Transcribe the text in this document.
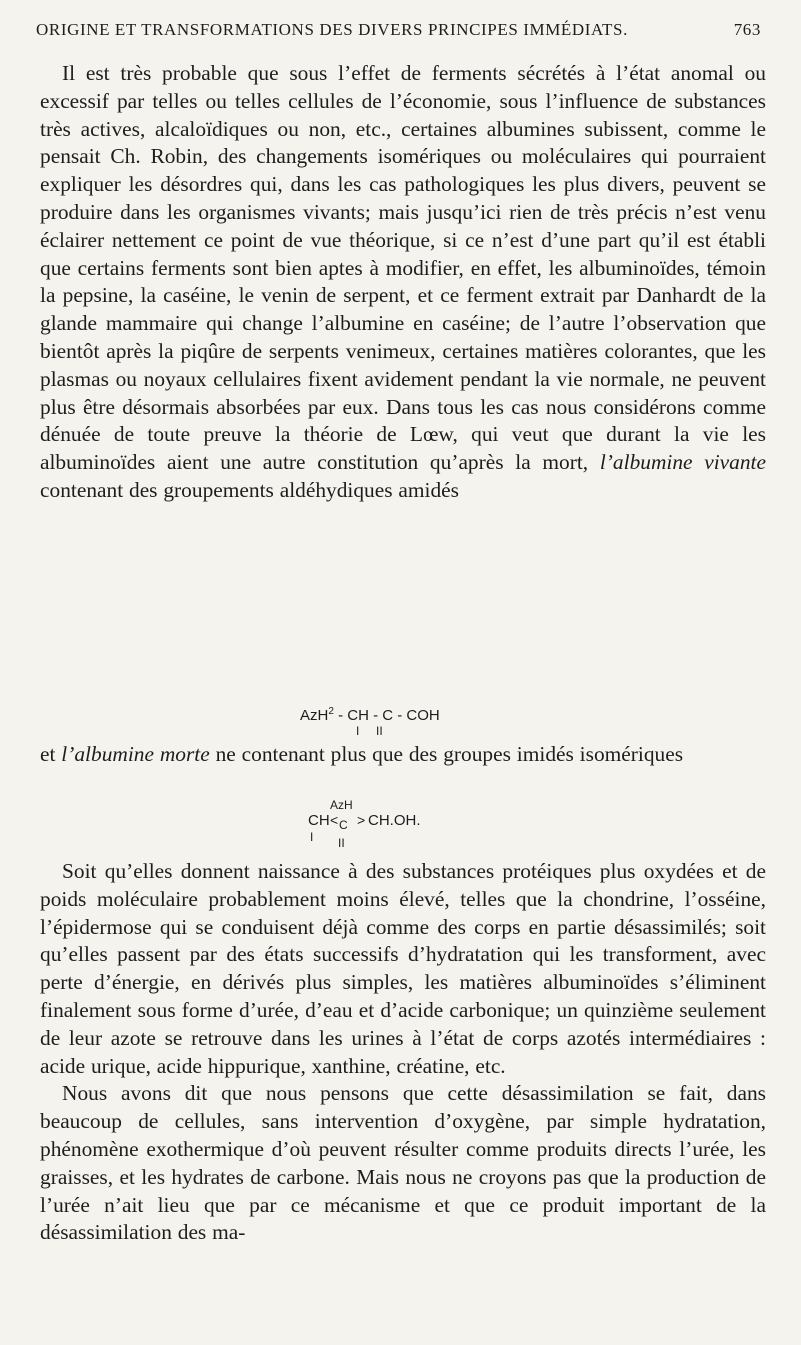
ORIGINE ET TRANSFORMATIONS DES DIVERS PRINCIPES IMMÉDIATS.	763

Il est très probable que sous l’effet de ferments sécrétés à l’état anomal ou excessif par telles ou telles cellules de l’économie, sous l’influence de substances très actives, alcaloïdiques ou non, etc., certaines albumines subissent, comme le pensait Ch. Robin, des changements isomériques ou moléculaires qui pourraient expliquer les désordres qui, dans les cas pathologiques les plus divers, peuvent se produire dans les organismes vivants; mais jusqu’ici rien de très précis n’est venu éclairer nettement ce point de vue théorique, si ce n’est d’une part qu’il est établi que certains ferments sont bien aptes à modifier, en effet, les albuminoïdes, témoin la pepsine, la caséine, le venin de serpent, et ce ferment extrait par Danhardt de la glande mammaire qui change l’albumine en caséine; de l’autre l’observation que bientôt après la piqûre de serpents venimeux, certaines matières colorantes, que les plasmas ou noyaux cellulaires fixent avidement pendant la vie normale, ne peuvent plus être désormais absorbées par eux. Dans tous les cas nous considérons comme dénuée de toute preuve la théorie de Lœw, qui veut que durant la vie les albuminoïdes aient une autre constitution qu’après la mort, l’albumine vivante contenant des groupements aldéhydiques amidés

AzH$^2$ - CH - C - COH
I     II

et l’albumine morte ne contenant plus que des groupes imidés isomériques

CH
AzH
< >
C CH.OH.
I II

Soit qu’elles donnent naissance à des substances protéiques plus oxydées et de poids moléculaire probablement moins élevé, telles que la chondrine, l’osséine, l’épidermose qui se conduisent déjà comme des corps en partie désassimilés; soit qu’elles passent par des états successifs d’hydratation qui les transforment, avec perte d’énergie, en dérivés plus simples, les matières albuminoïdes s’éliminent finalement sous forme d’urée, d’eau et d’acide carbonique; un quinzième seulement de leur azote se retrouve dans les urines à l’état de corps azotés intermédiaires : acide urique, acide hippurique, xanthine, créatine, etc.

Nous avons dit que nous pensons que cette désassimilation se fait, dans beaucoup de cellules, sans intervention d’oxygène, par simple hydratation, phénomène exothermique d’où peuvent résulter comme produits directs l’urée, les graisses, et les hydrates de carbone. Mais nous ne croyons pas que la production de l’urée n’ait lieu que par ce mécanisme et que ce produit important de la désassimilation des ma-
